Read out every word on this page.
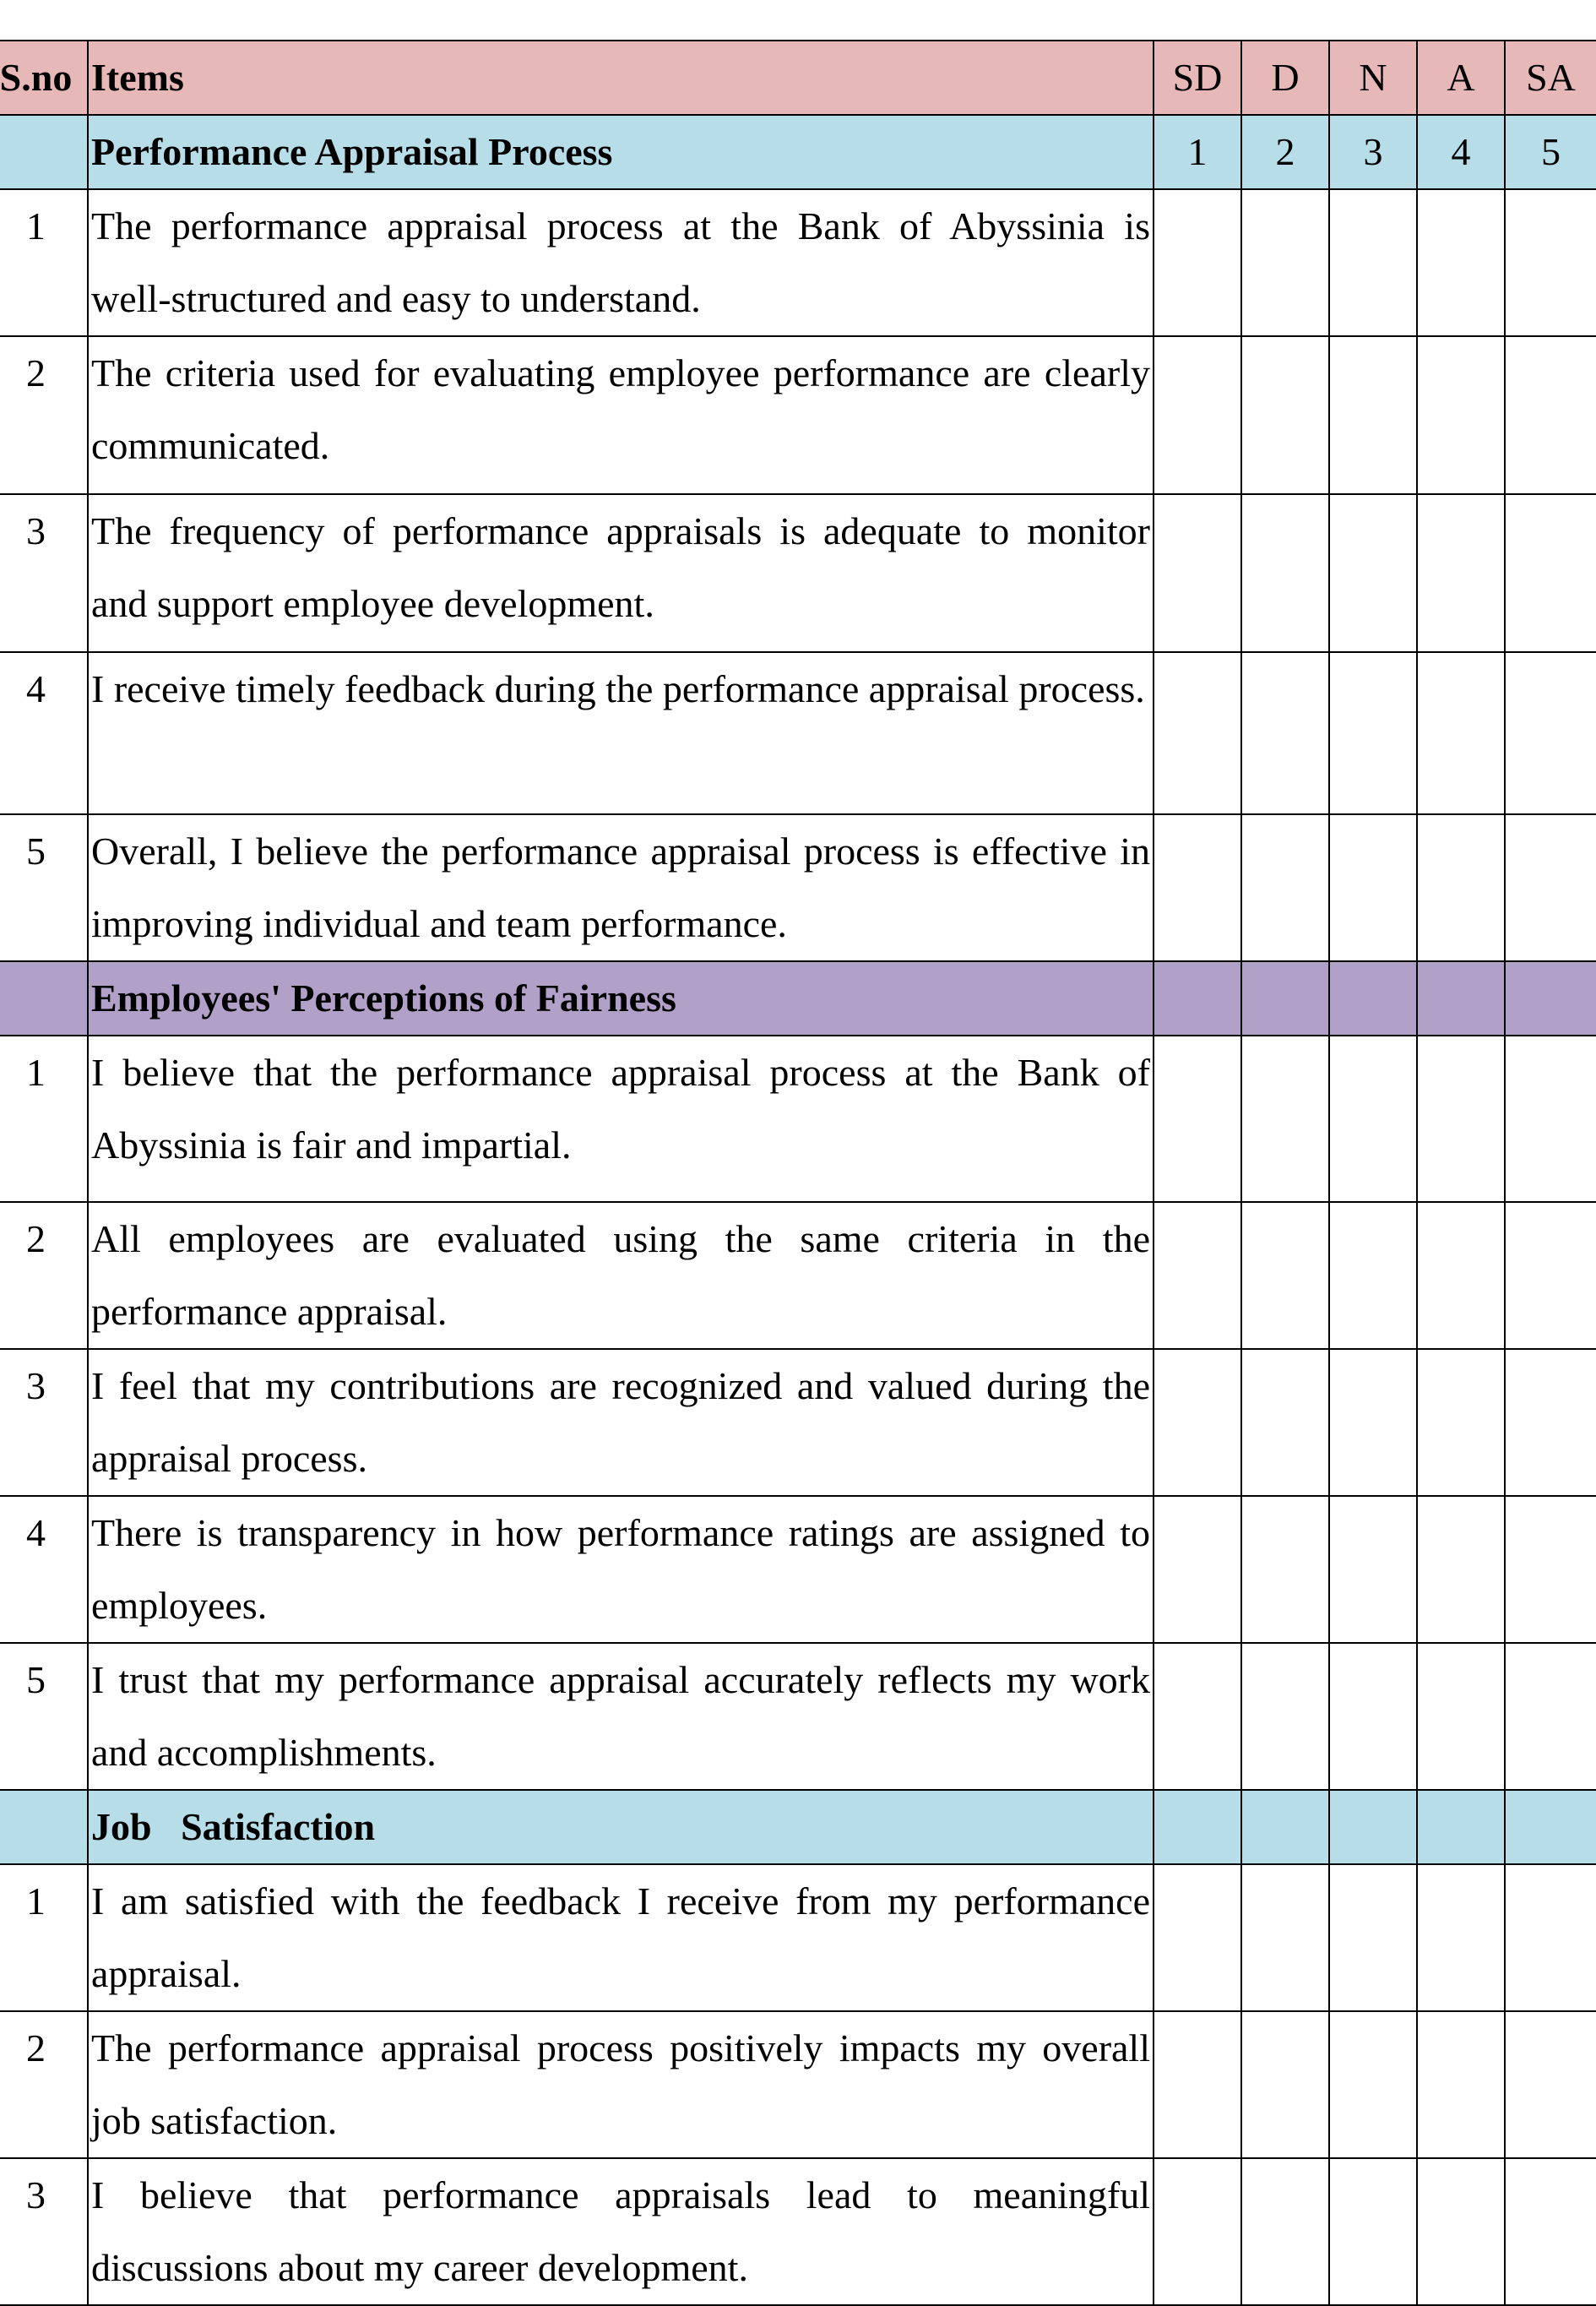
S.no	Items	SD	D	N	A	SA
	Performance Appraisal Process	1	2	3	4	5
1	The performance appraisal process at the Bank of Abyssinia is well-structured and easy to understand.					
2	The criteria used for evaluating employee performance are clearly communicated.					
3	The frequency of performance appraisals is adequate to monitor and support employee development.					
4	I receive timely feedback during the performance appraisal process.					
5	Overall, I believe the performance appraisal process is effective in improving individual and team performance.					
	Employees' Perceptions of Fairness					
1	I believe that the performance appraisal process at the Bank of Abyssinia is fair and impartial.					
2	All employees are evaluated using the same criteria in the performance appraisal.					
3	I feel that my contributions are recognized and valued during the appraisal process.					
4	There is transparency in how performance ratings are assigned to employees.					
5	I trust that my performance appraisal accurately reflects my work and accomplishments.					
	Job   Satisfaction					
1	I am satisfied with the feedback I receive from my performance appraisal.					
2	The performance appraisal process positively impacts my overall job satisfaction.					
3	I believe that performance appraisals lead to meaningful discussions about my career development.					
